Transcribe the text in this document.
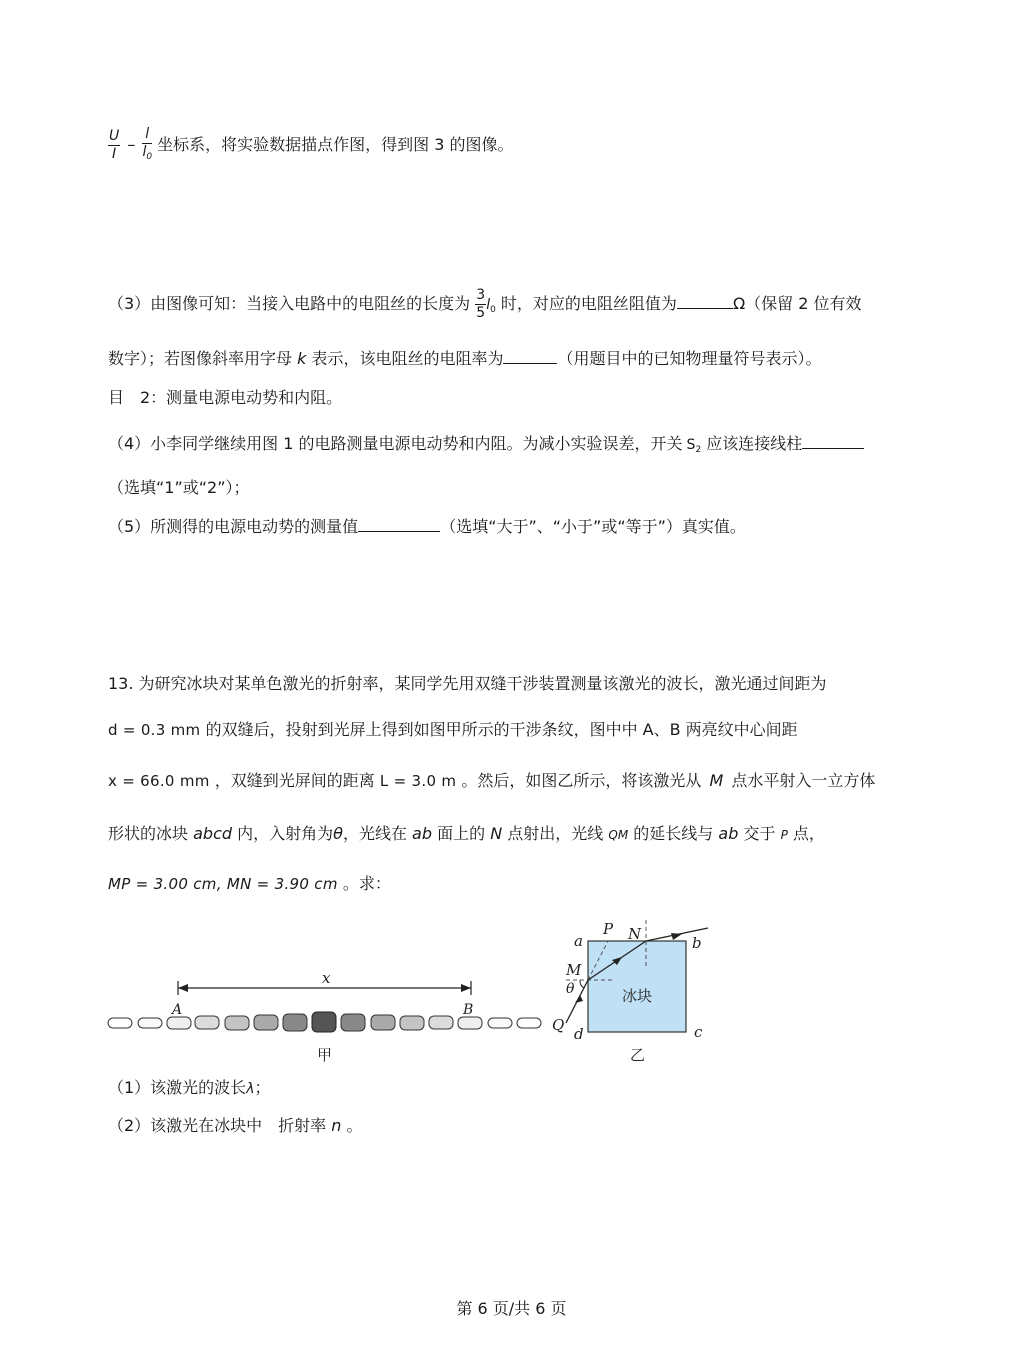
$\frac{U}{I} - \frac{l}{l_0}$ 坐标系，将实验数据描点作图，得到图 3 的图像。
（3）由图像可知：当接入电路中的电阻丝的长度为 $\frac{3}{5} l_0$ 时，对应的电阻丝阻值为	Ω（保留 2 位有效
数字）；若图像斜率用字母 k 表示，该电阻丝的电阻率为	（用题目中的已知物理量符号表示）。
目　2：测量电源电动势和内阻。
（4）小李同学继续用图 1 的电路测量电源电动势和内阻。为减小实验误差，开关 $S_2$ 应该连接线柱
（选填“1”或“2”）；
（5）所测得的电源电动势的测量值	（选填“大于”、“小于”或“等于”）真实值。
13. 为研究冰块对某单色激光的折射率，某同学先用双缝干涉装置测量该激光的波长，激光通过间距为
d = 0.3 mm 的双缝后，投射到光屏上得到如图甲所示的干涉条纹，图中中 A、B 两亮纹中心间距
x = 66.0 mm ，双缝到光屏间的距离 L = 3.0 m 。然后，如图乙所示，将该激光从 M 点水平射入一立方体
形状的冰块 abcd 内，入射角为θ，光线在 ab 面上的 N 点射出，光线 QM 的延长线与 ab 交于 P 点，
MP = 3.00 cm, MN = 3.90 cm 。求：
x
A	B
甲
a	b
c
d
P N
M
θ
Q
冰块
乙
（1）该激光的波长λ；
（2）该激光在冰块中　折射率 n 。
第 6 页/共 6 页
